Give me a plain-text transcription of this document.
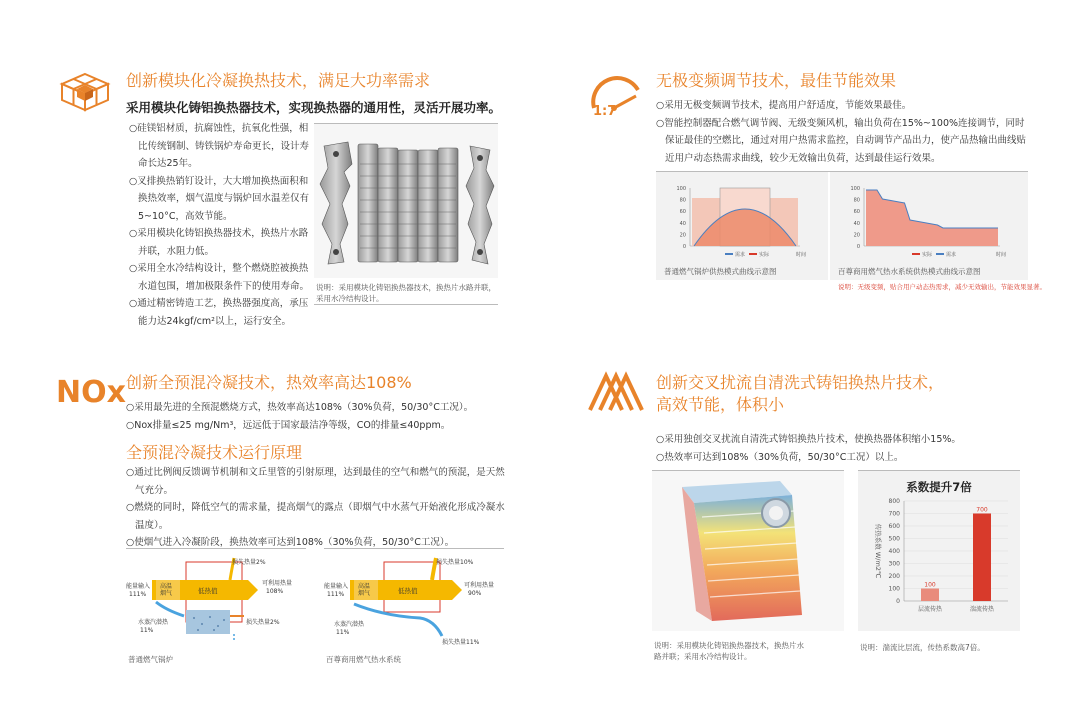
创新模块化冷凝换热技术，满足大功率需求
采用模块化铸铝换热器技术，实现换热器的通用性，灵活开展功率。
○硅镁铝材质，抗腐蚀性，抗氧化性强，相比传统钢制、铸铁锅炉寿命更长，设计寿命长达25年。
○叉排换热销钉设计，大大增加换热面积和换热效率，烟气温度与锅炉回水温差仅有5~10°C，高效节能。
○采用模块化铸铝换热器技术，换热片水路并联，水阻力低。
○采用全水冷结构设计，整个燃烧腔被换热水道包围，增加极限条件下的使用寿命。
○通过精密铸造工艺，换热器强度高，承压能力达24kgf/cm²以上，运行安全。
说明：采用模块化铸铝换热器技术，换热片水路并联，采用水冷结构设计。
1:7
无极变频调节技术，最佳节能效果
○采用无极变频调节技术，提高用户舒适度，节能效果最佳。
○智能控制器配合燃气调节阀、无级变频风机，输出负荷在15%~100%连接调节，同时保证最佳的空燃比，通过对用户热需求监控，自动调节产品出力，使产品热输出曲线贴近用户动态热需求曲线，较少无效输出负荷，达到最佳运行效果。
100
80
60
40
20
0
需求	实际	时间
100
80
60
40
20
0
实际	需求	时间
普通燃气锅炉供热模式曲线示意图	百尊商用燃气热水系统供热模式曲线示意图
说明：无级变频，贴合用户动态热需求，减少无效输出，节能效果显著。
NOx 创新全预混冷凝技术，热效率高达108%
○采用最先进的全预混燃烧方式，热效率高达108%（30%负荷，50/30°C工况）。
○Nox排量≤25 mg/Nm³，远远低于国家最洁净等级，CO的排量≤40ppm。
全预混冷凝技术运行原理
○通过比例阀反馈调节机制和文丘里管的引射原理，达到最佳的空气和燃气的预混，是天然气充分。
○燃烧的同时，降低空气的需求量，提高烟气的露点（即烟气中水蒸气开始液化形成冷凝水温度）。
○使烟气进入冷凝阶段，换热效率可达到108%（30%负荷，50/30°C工况）。
能量输入
111%
高温
烟气	低热值
损失热量2%
可利用热量
108%
水蒸汽潜热
11%
损失热量2%
普通燃气锅炉
能量输入
111%
高温
烟气	低热值
损失热量10%
可利用热量
90%
水蒸汽潜热
11%
损失热量11%
百尊商用燃气热水系统
创新交叉扰流自清洗式铸铝换热片技术，
高效节能，体积小
○采用独创交叉扰流自清洗式铸铝换热片技术，使换热器体积缩小15%。
○热效率可达到108%（30%负荷，50/30°C工况）以上。
说明：采用模块化铸铝换热器技术，换热片水路并联；采用水冷结构设计。
系数提升7倍
传热系数 W/m2℃
800
700
600
500
400
300
200
100
0
100
层流传热
700
湍流传热
说明：湍流比层流，传热系数高7倍。
